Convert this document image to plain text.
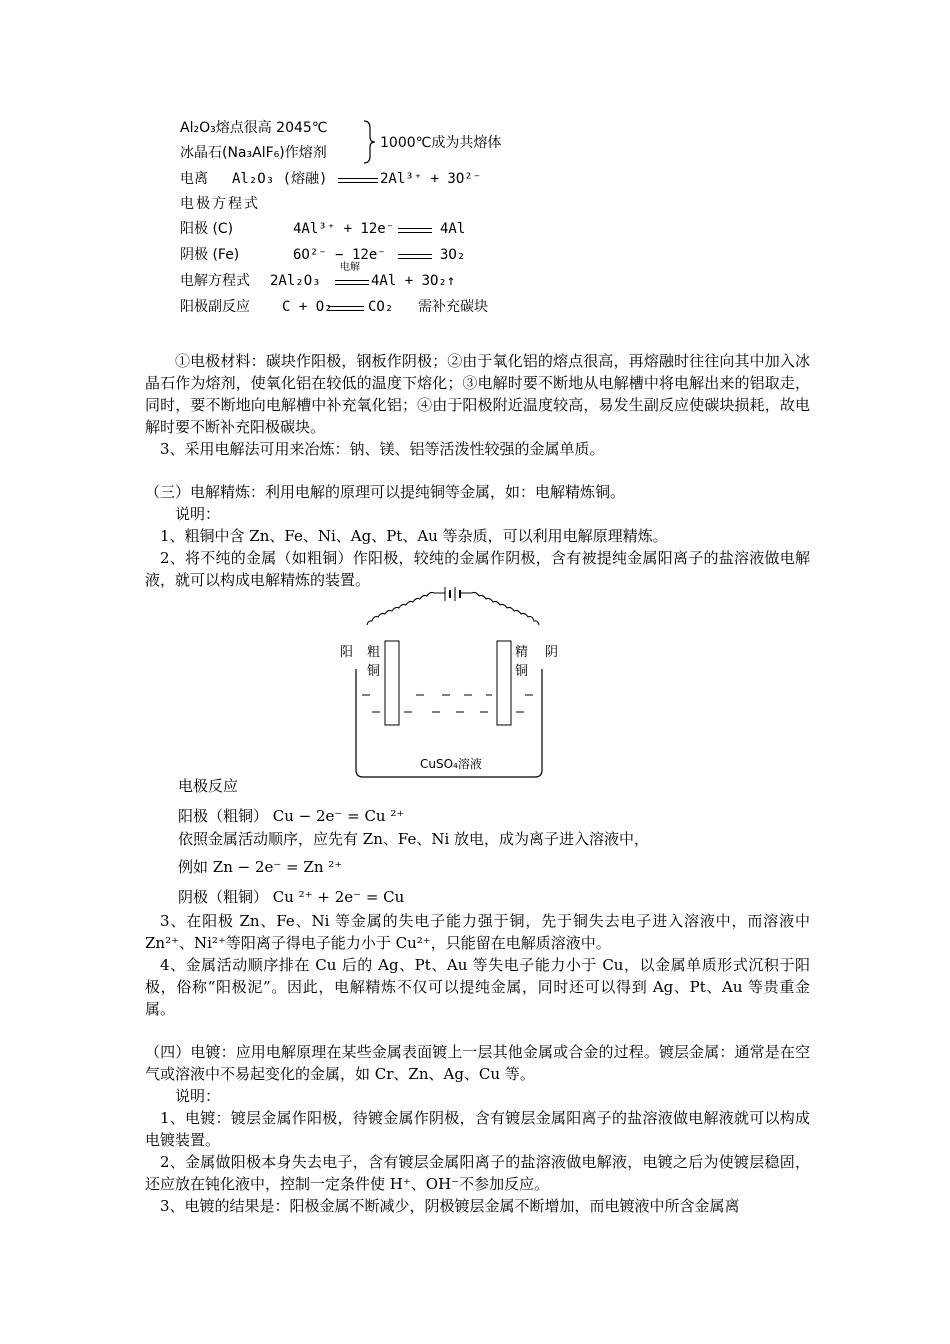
Al₂O₃熔点很高 2045℃
冰晶石(Na₃AlF₆)作熔剂
1000℃成为共熔体
电离 Al₂O₃ (熔融)	2Al³⁺ + 3O²⁻
电极方程式
阳极 (C)	4Al³⁺ + 12e⁻	4Al
阴极 (Fe)	6O²⁻ − 12e⁻	3O₂
电解方程式 2Al₂O₃
电解
4Al + 3O₂↑
阳极副反应 C + O₂	CO₂ 需补充碳块
①电极材料：碳块作阳极，钢板作阴极；②由于氧化铝的熔点很高，再熔融时往往向其中加入冰晶石作为熔剂，使氧化铝在较低的温度下熔化；③电解时要不断地从电解槽中将电解出来的铝取走，同时，要不断地向电解槽中补充氧化铝；④由于阳极附近温度较高，易发生副反应使碳块损耗，故电解时要不断补充阳极碳块。
3、采用电解法可用来冶炼：钠、镁、铝等活泼性较强的金属单质。
（三）电解精炼：利用电解的原理可以提纯铜等金属，如：电解精炼铜。
说明：
1、粗铜中含 Zn、Fe、Ni、Ag、Pt、Au 等杂质，可以利用电解原理精炼。
2、将不纯的金属（如粗铜）作阳极，较纯的金属作阴极，含有被提纯金属阳离子的盐溶液做电解液，就可以构成电解精炼的装置。
阳 粗
铜
精
铜
阴
CuSO₄溶液
电极反应
阳极（粗铜） Cu − 2e⁻ = Cu ²⁺
依照金属活动顺序，应先有 Zn、Fe、Ni 放电，成为离子进入溶液中，
例如 Zn − 2e⁻ = Zn ²⁺
阴极（粗铜） Cu ²⁺ + 2e⁻ = Cu
3、在阳极 Zn、Fe、Ni 等金属的失电子能力强于铜，先于铜失去电子进入溶液中，而溶液中 Zn²⁺、Ni²⁺等阳离子得电子能力小于 Cu²⁺，只能留在电解质溶液中。
4、金属活动顺序排在 Cu 后的 Ag、Pt、Au 等失电子能力小于 Cu，以金属单质形式沉积于阳极，俗称“阳极泥”。因此，电解精炼不仅可以提纯金属，同时还可以得到 Ag、Pt、Au 等贵重金属。
（四）电镀：应用电解原理在某些金属表面镀上一层其他金属或合金的过程。镀层金属：通常是在空气或溶液中不易起变化的金属，如 Cr、Zn、Ag、Cu 等。
说明：
1、电镀：镀层金属作阳极，待镀金属作阴极，含有镀层金属阳离子的盐溶液做电解液就可以构成电镀装置。
2、金属做阳极本身失去电子，含有镀层金属阳离子的盐溶液做电解液，电镀之后为使镀层稳固，还应放在钝化液中，控制一定条件使 H⁺、OH⁻不参加反应。
3、电镀的结果是：阳极金属不断减少，阴极镀层金属不断增加，而电镀液中所含金属离
